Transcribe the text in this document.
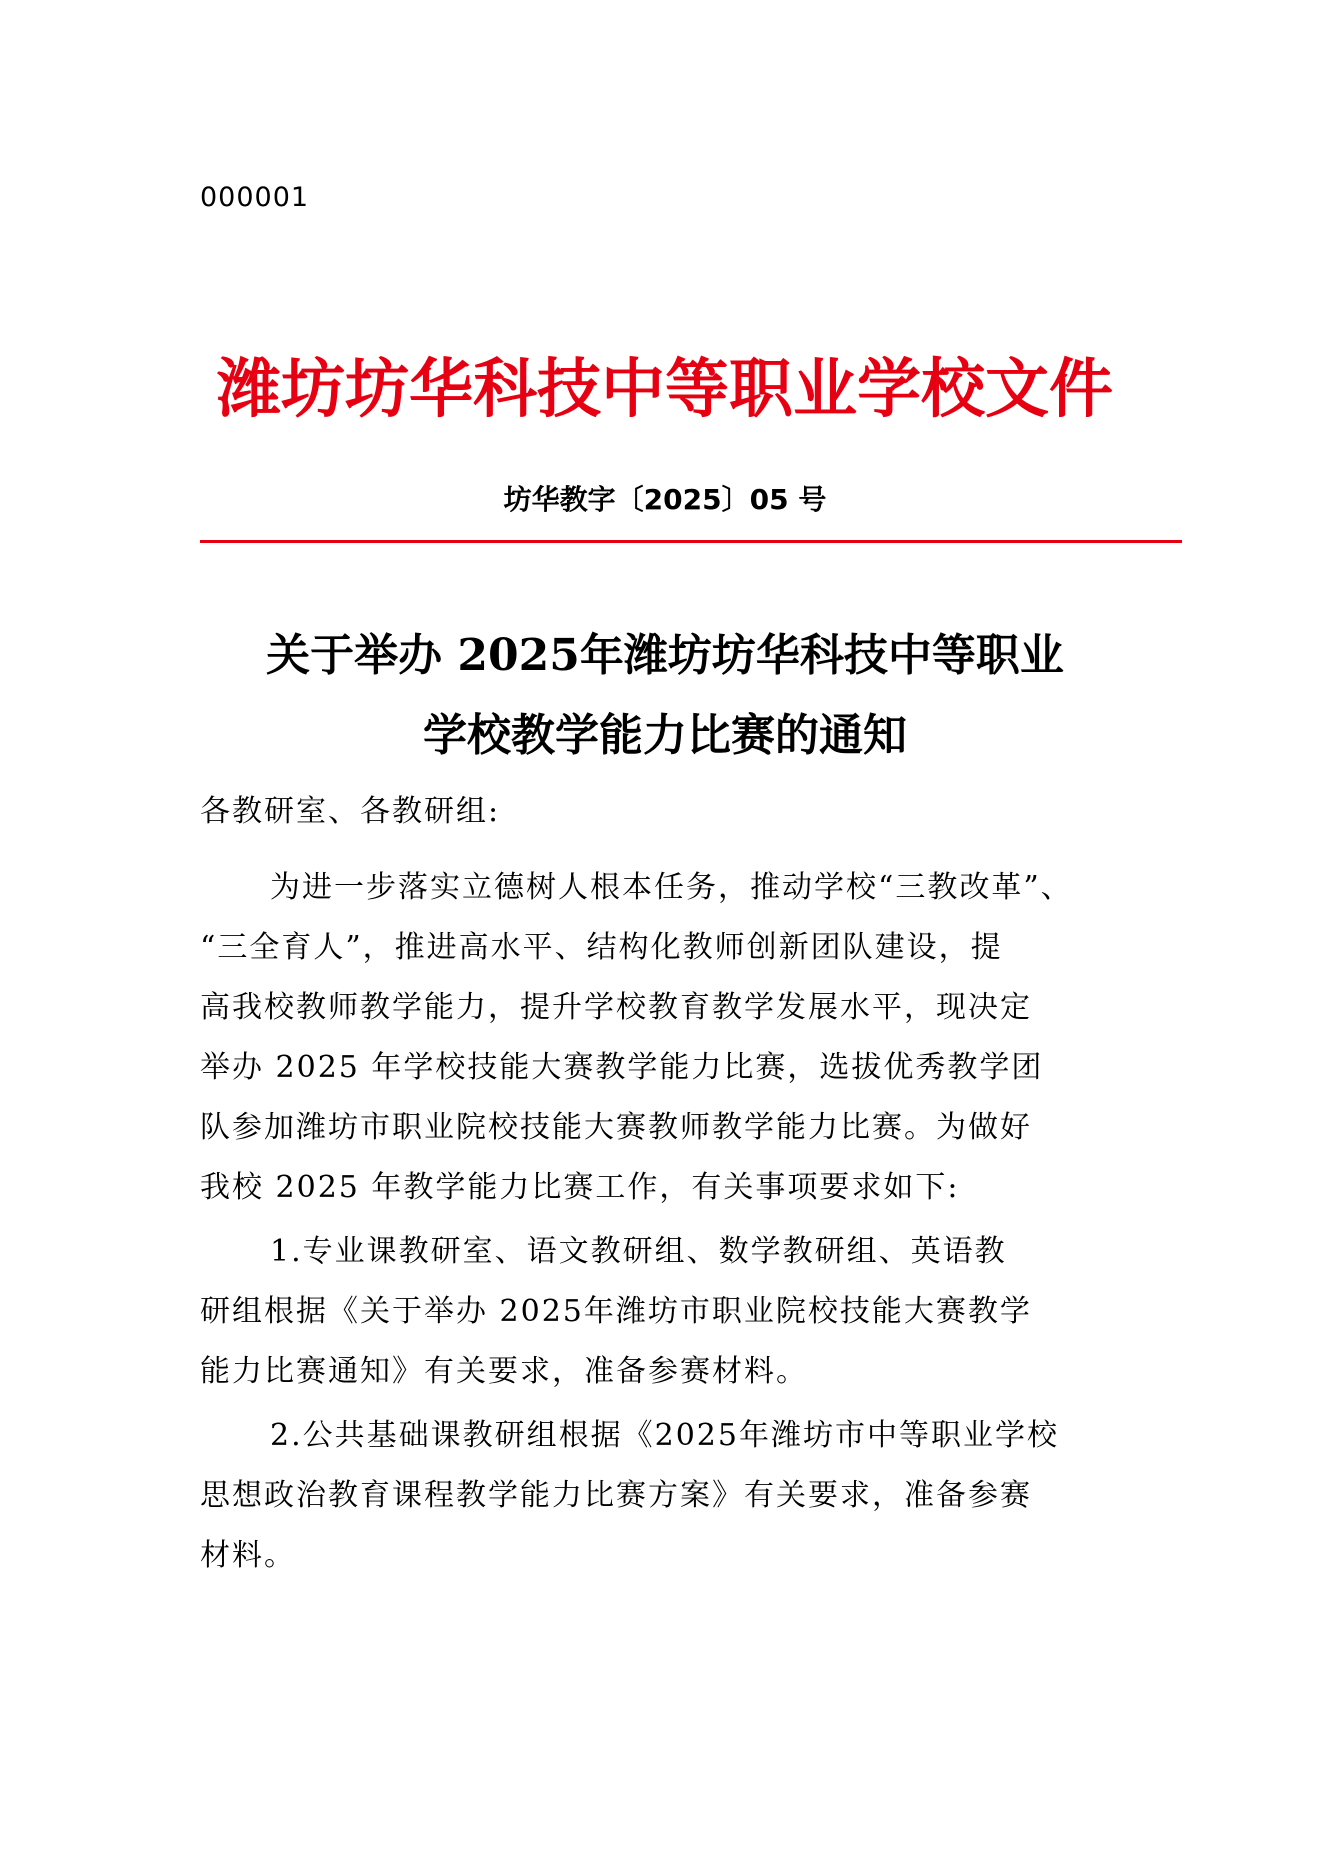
000001
潍坊坊华科技中等职业学校文件
坊华教字〔2025〕05 号
关于举办 2025年潍坊坊华科技中等职业
学校教学能力比赛的通知
各教研室、各教研组:
为进一步落实立德树人根本任务，推动学校“三教改革”、
“三全育人”，推进高水平、结构化教师创新团队建设，提
高我校教师教学能力，提升学校教育教学发展水平，现决定
举办 2025 年学校技能大赛教学能力比赛，选拔优秀教学团
队参加潍坊市职业院校技能大赛教师教学能力比赛。为做好
我校 2025 年教学能力比赛工作，有关事项要求如下:
1.专业课教研室、语文教研组、数学教研组、英语教
研组根据《关于举办 2025年潍坊市职业院校技能大赛教学
能力比赛通知》有关要求，准备参赛材料。
2.公共基础课教研组根据《2025年潍坊市中等职业学校
思想政治教育课程教学能力比赛方案》有关要求，准备参赛
材料。
